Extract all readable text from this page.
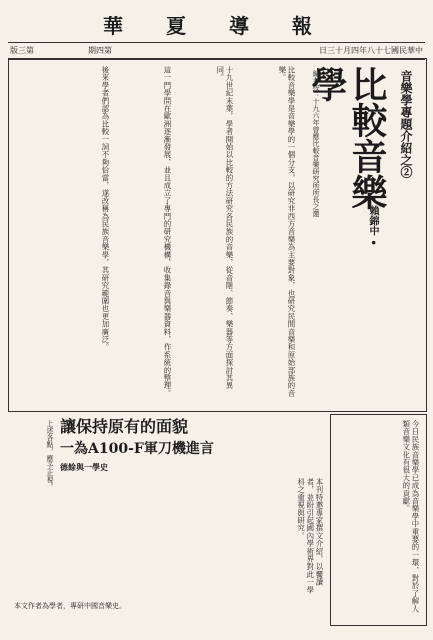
華 夏 導 報
版三第	期四第	日三十月四年八十七國民華中
音樂學專題介紹之②
比較音樂學
• 賴錦中 •
編者按：十九六年曾應比較音樂研究所所長之邀
比較音樂學是音樂學的一個分支，以研究非西方音樂為主要對象，也研究民間音樂和原始部族的音樂。
十九世紀末葉，學者開始以比較的方法研究各民族的音樂，從音階、節奏、樂器等方面探討其異同。
這一門學問在歐洲逐漸發展，並且成立了專門的研究機構，收集錄音與樂器資料，作系統的整理。
後來學者們認為比較一詞不夠恰當，遂改稱為民族音樂學，其研究範圍也更加廣泛。
今日民族音樂學已成為音樂學中重要的一環，對於了解人類音樂文化有很大的貢獻。
讓保持原有的面貌
一為A100-F軍刀機進言
德餘與一學史
本刊特邀專家撰文介紹，以饗讀者，並盼引起國內學術界對此一學科之重視與研究。
上述各點，應予正視。
本文作者為學者，專研中國音樂史。
